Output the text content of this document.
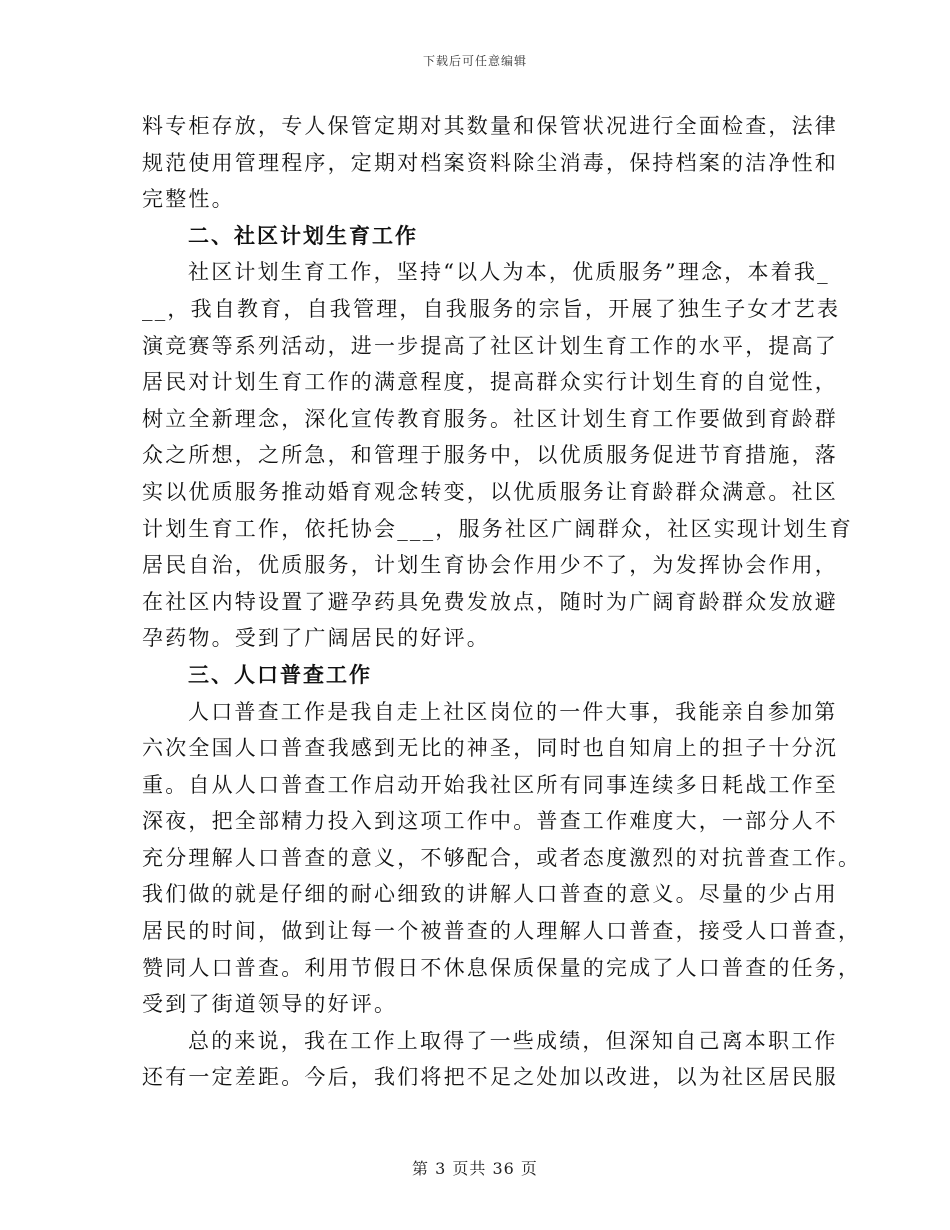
下载后可任意编辑
料专柜存放，专人保管定期对其数量和保管状况进行全面检查，法律
规范使用管理程序，定期对档案资料除尘消毒，保持档案的洁净性和
完整性。
二、社区计划生育工作
社区计划生育工作，坚持“以人为本，优质服务”理念，本着我_
__，我自教育，自我管理，自我服务的宗旨，开展了独生子女才艺表
演竞赛等系列活动，进一步提高了社区计划生育工作的水平，提高了
居民对计划生育工作的满意程度，提高群众实行计划生育的自觉性，
树立全新理念，深化宣传教育服务。社区计划生育工作要做到育龄群
众之所想，之所急，和管理于服务中，以优质服务促进节育措施，落
实以优质服务推动婚育观念转变，以优质服务让育龄群众满意。社区
计划生育工作，依托协会___，服务社区广阔群众，社区实现计划生育
居民自治，优质服务，计划生育协会作用少不了，为发挥协会作用，
在社区内特设置了避孕药具免费发放点，随时为广阔育龄群众发放避
孕药物。受到了广阔居民的好评。
三、人口普查工作
人口普查工作是我自走上社区岗位的一件大事，我能亲自参加第
六次全国人口普查我感到无比的神圣，同时也自知肩上的担子十分沉
重。自从人口普查工作启动开始我社区所有同事连续多日耗战工作至
深夜，把全部精力投入到这项工作中。普查工作难度大，一部分人不
充分理解人口普查的意义，不够配合，或者态度激烈的对抗普查工作。
我们做的就是仔细的耐心细致的讲解人口普查的意义。尽量的少占用
居民的时间，做到让每一个被普查的人理解人口普查，接受人口普查，
赞同人口普查。利用节假日不休息保质保量的完成了人口普查的任务，
受到了街道领导的好评。
总的来说，我在工作上取得了一些成绩，但深知自己离本职工作
还有一定差距。今后，我们将把不足之处加以改进，以为社区居民服
第 3 页共 36 页
